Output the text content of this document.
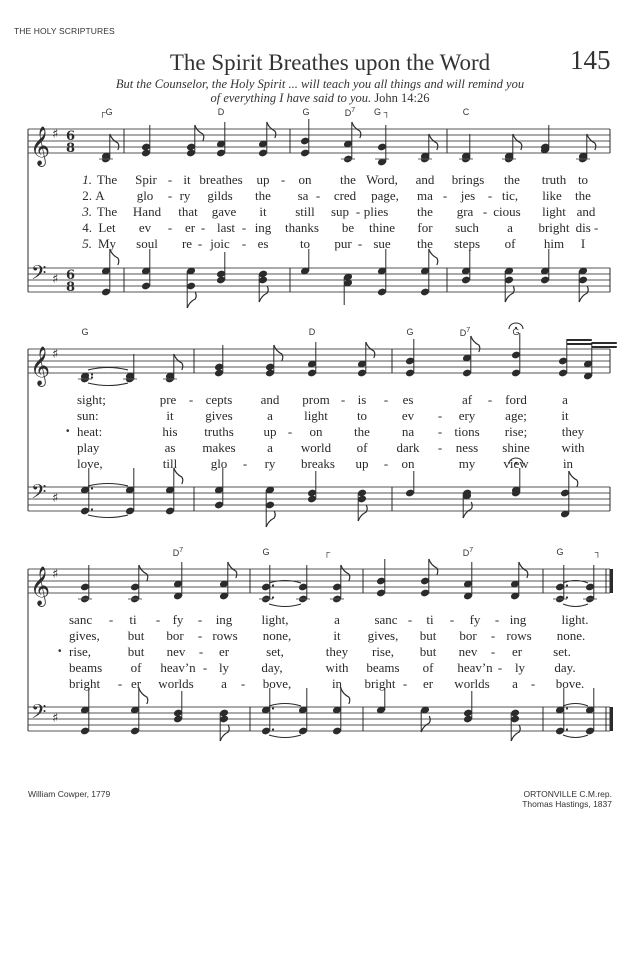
THE HOLY SCRIPTURES
The Spirit Breathes upon the Word	145
But the Counselor, the Holy Spirit ... will teach you all things and will remind you
of everything I have said to you. John 14:26
𝄞 ♯ 6
8
𝄢 ♯ 6
8
𝄞 ♯
𝄢 ♯
𝄞 ♯
𝄢 ♯
┌G	D	G	$D^7$ G ┐	C
1. The Spir - it breathes up - on the Word, and brings the truth to
2. A glo - ry gilds the sa - cred page, ma - jes - tic, like the
3. The Hand that gave it still sup - plies the gra - cious light and
4. Let ev - er - last - ing thanks be thine for such a bright dis -
5. My soul re - joic - es to pur - sue the steps of him I
G	D	G	$D^7$	G
sight;	pre - cepts and prom - is - es	af - ford	a
sun:	it gives	a light to	ev - ery age;	it
• heat:	his truths up - on the na - tions rise;	they
play	as makes a world of dark - ness shine with
love,	till	glo - ry breaks up - on	my view	in
$D^7$	G	┌	$D^7$	G	┐
sanc - ti - fy - ing light,	a	sanc - ti - fy - ing	light.
gives, but bor - rows none,	it gives, but bor - rows none.
• rise,	but nev - er	set,	they rise, but nev - er set.
beams of heav’n - ly day,	with beams of heav’n - ly day.
bright - er worlds a - bove,	in bright - er worlds a - bove.
William Cowper, 1779	ORTONVILLE C.M.rep.
Thomas Hastings, 1837
